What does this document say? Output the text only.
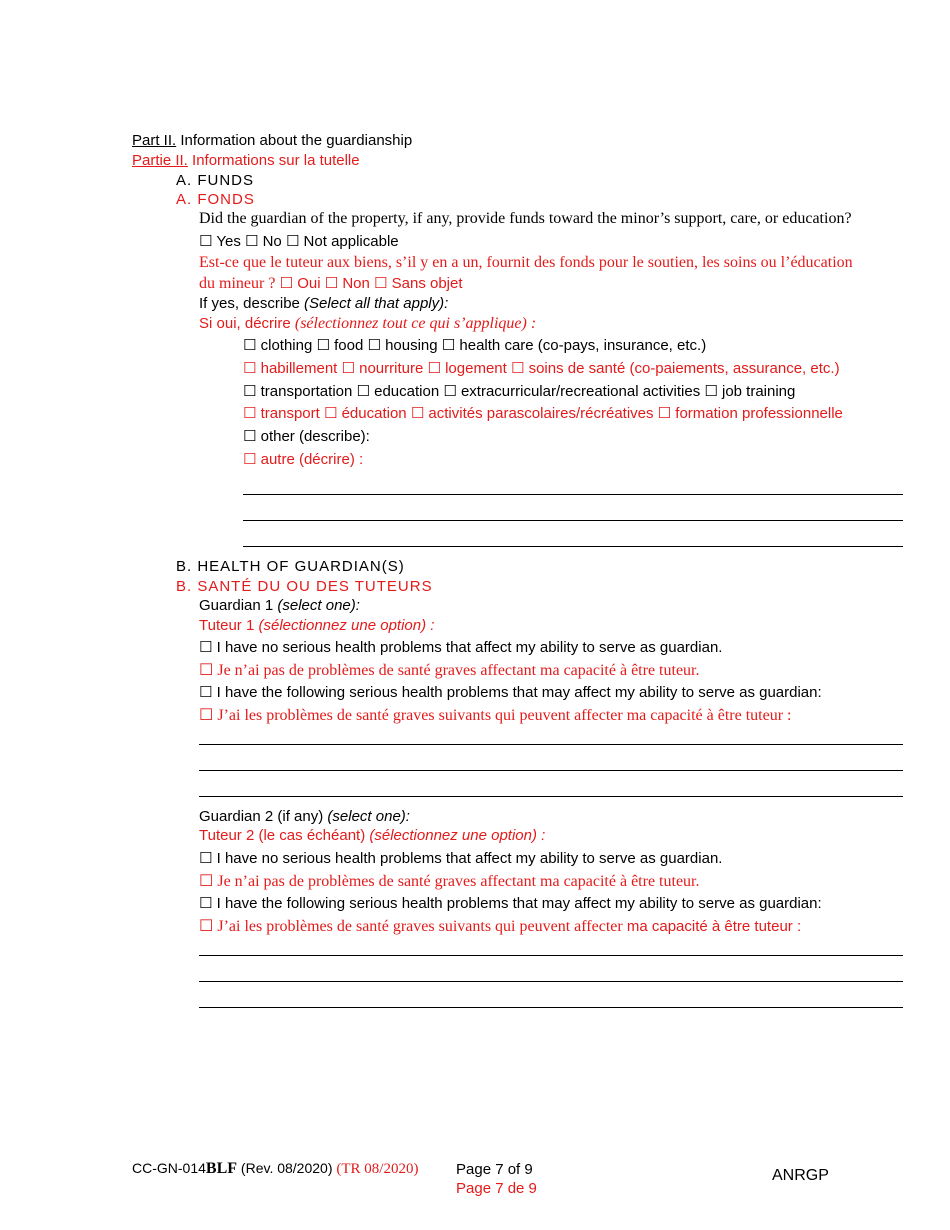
Part II. Information about the guardianship
Partie II. Informations sur la tutelle
A. FUNDS
A. FONDS
Did the guardian of the property, if any, provide funds toward the minor’s support, care, or education?
☐ Yes ☐ No ☐ Not applicable
Est-ce que le tuteur aux biens, s’il y en a un, fournit des fonds pour le soutien, les soins ou l’éducation
du mineur ? ☐ Oui ☐ Non ☐ Sans objet
If yes, describe (Select all that apply):
Si oui, décrire (sélectionnez tout ce qui s’applique) :
☐ clothing ☐ food ☐ housing ☐ health care (co-pays, insurance, etc.)
☐ habillement ☐ nourriture ☐ logement ☐ soins de santé (co-paiements, assurance, etc.)
☐ transportation ☐ education ☐ extracurricular/recreational activities ☐ job training
☐ transport ☐ éducation ☐ activités parascolaires/récréatives ☐ formation professionnelle
☐ other (describe):
☐ autre (décrire) :
B. HEALTH OF GUARDIAN(S)
B. SANTÉ DU OU DES TUTEURS
Guardian 1 (select one):
Tuteur 1 (sélectionnez une option) :
☐ I have no serious health problems that affect my ability to serve as guardian.
☐ Je n’ai pas de problèmes de santé graves affectant ma capacité à être tuteur.
☐ I have the following serious health problems that may affect my ability to serve as guardian:
☐ J’ai les problèmes de santé graves suivants qui peuvent affecter ma capacité à être tuteur :
Guardian 2 (if any) (select one):
Tuteur 2 (le cas échéant) (sélectionnez une option) :
☐ I have no serious health problems that affect my ability to serve as guardian.
☐ Je n’ai pas de problèmes de santé graves affectant ma capacité à être tuteur.
☐ I have the following serious health problems that may affect my ability to serve as guardian:
☐ J’ai les problèmes de santé graves suivants qui peuvent affecter ma capacité à être tuteur :
CC-GN-014BLF (Rev. 08/2020) (TR 08/2020)	Page 7 of 9
Page 7 de 9
ANRGP
